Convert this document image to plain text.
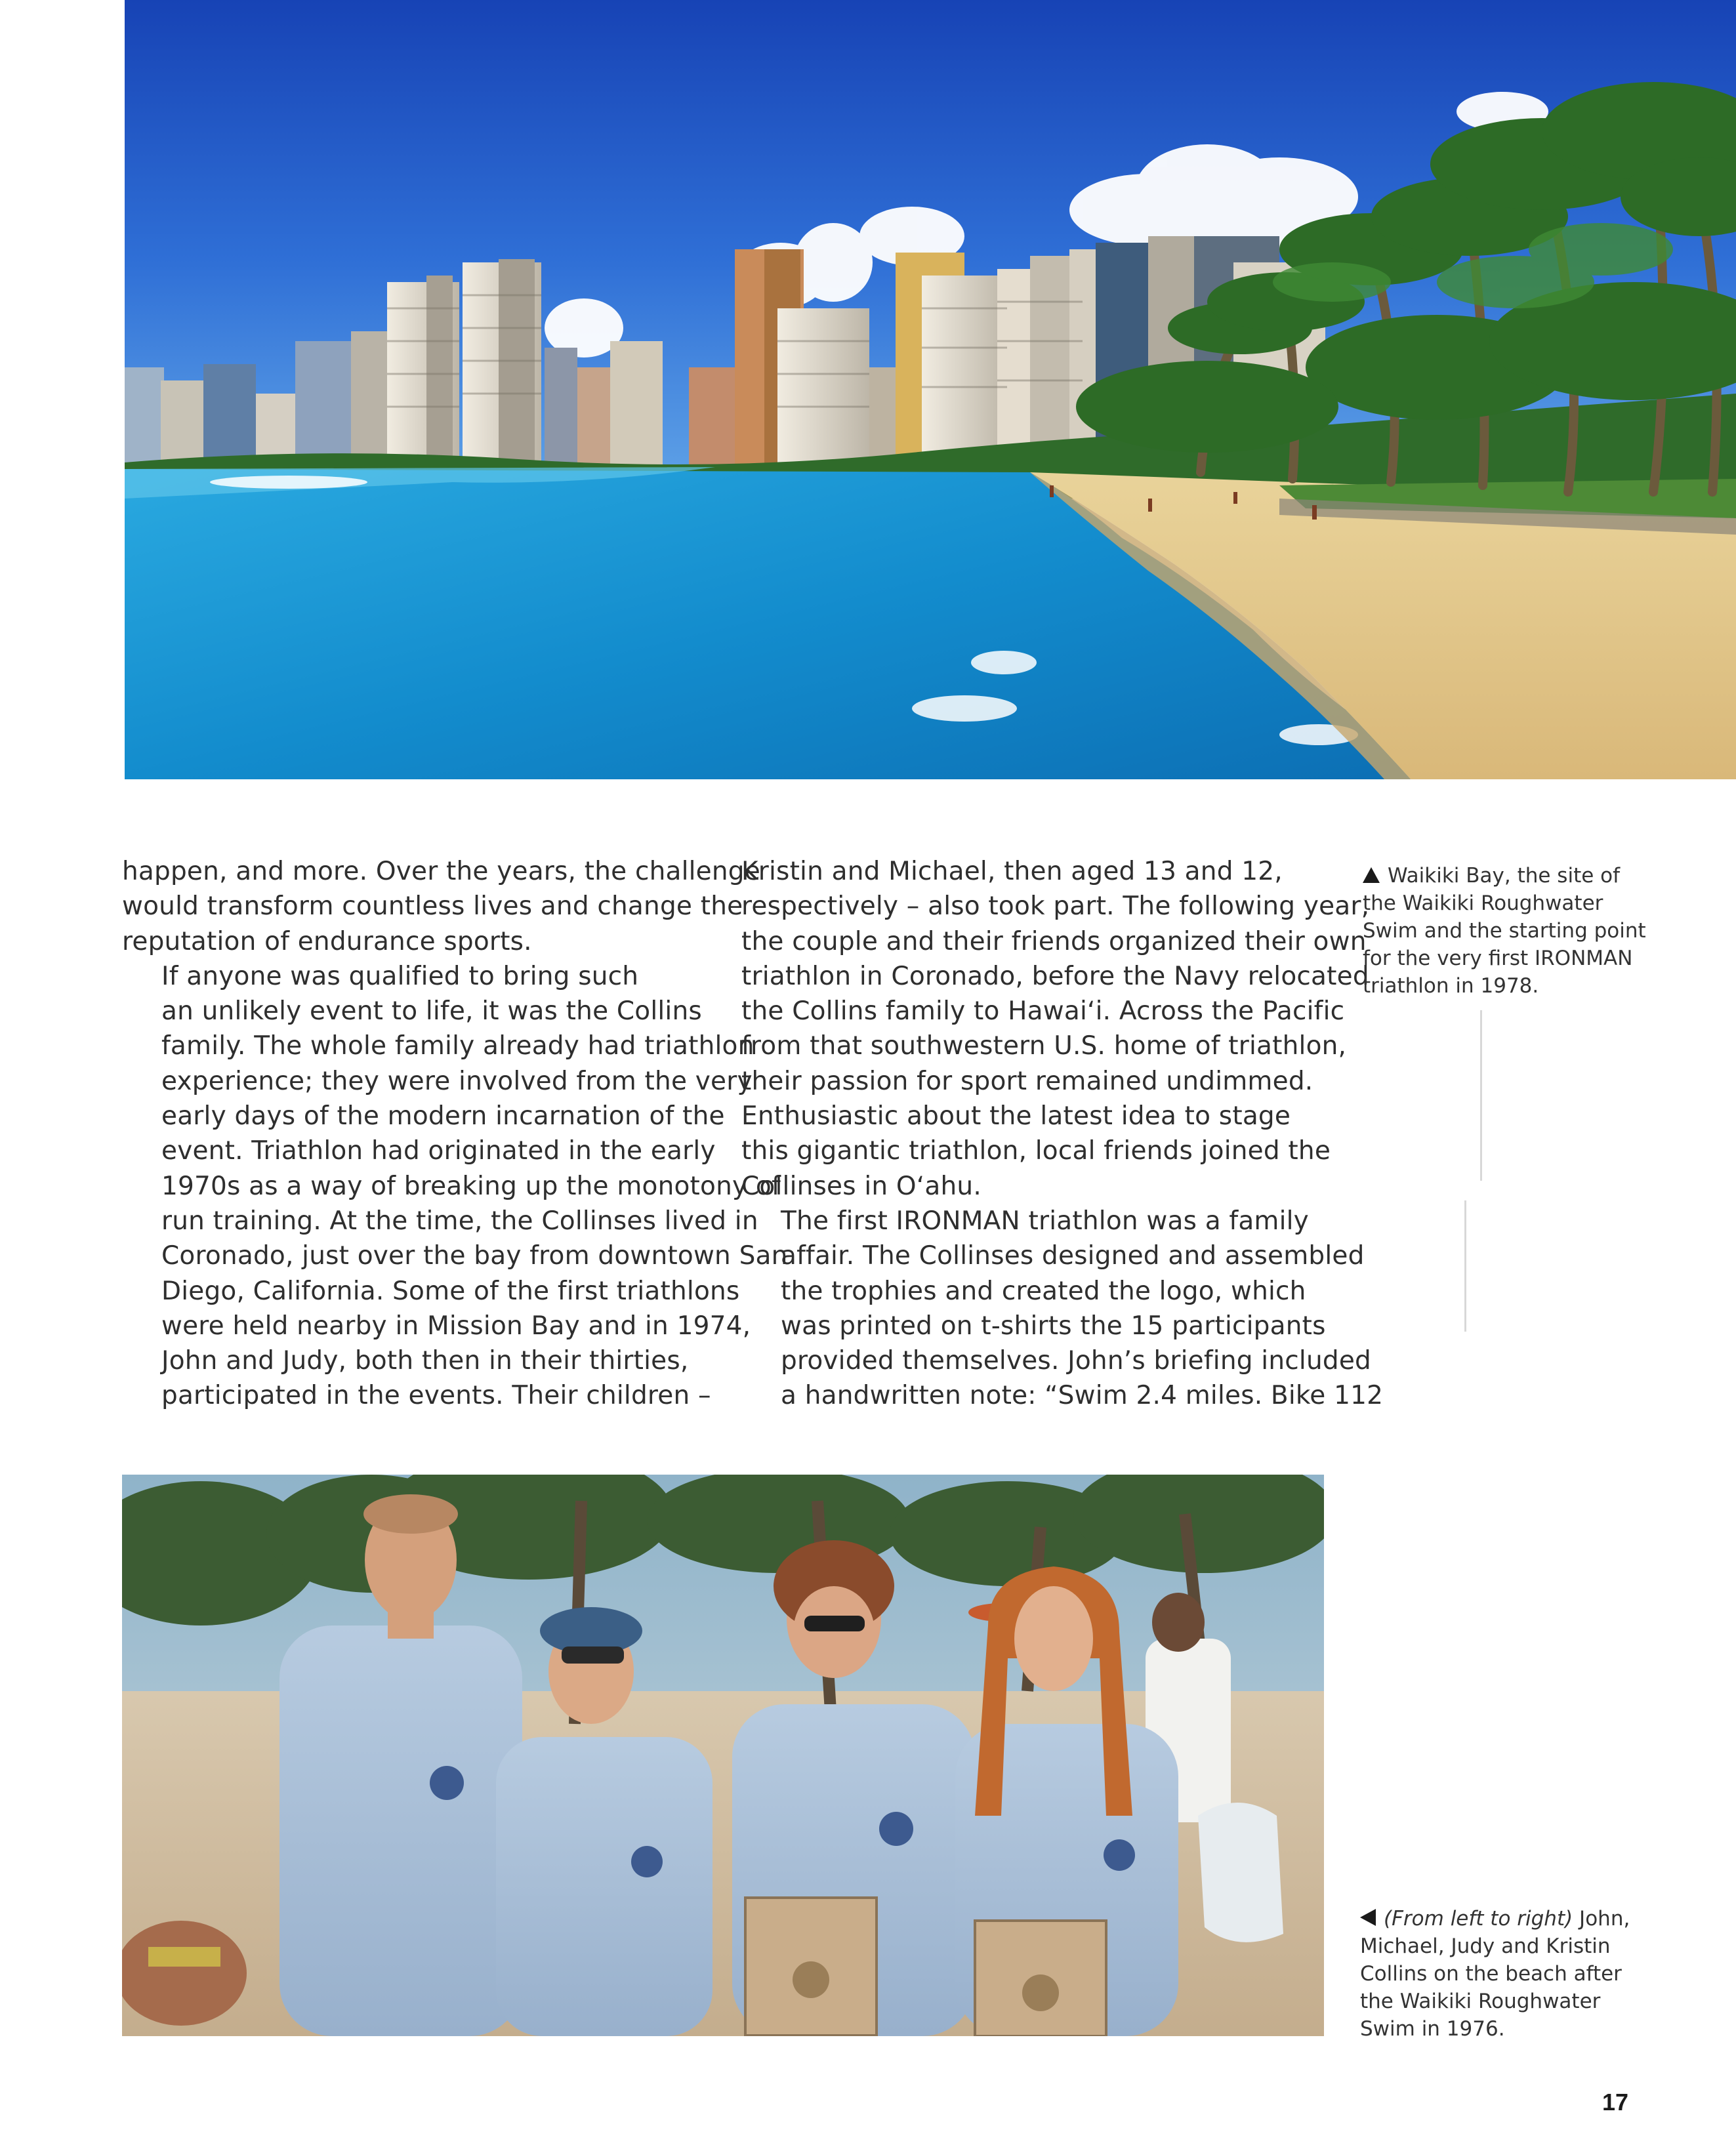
happen, and more. Over the years, the challenge
would transform countless lives and change the
reputation of endurance sports.

If anyone was qualified to bring such
an unlikely event to life, it was the Collins
family. The whole family already had triathlon
experience; they were involved from the very
early days of the modern incarnation of the
event. Triathlon had originated in the early
1970s as a way of breaking up the monotony of
run training. At the time, the Collinses lived in
Coronado, just over the bay from downtown San
Diego, California. Some of the first triathlons
were held nearby in Mission Bay and in 1974,
John and Judy, both then in their thirties,
participated in the events. Their children –

Kristin and Michael, then aged 13 and 12,
respectively – also took part. The following year,
the couple and their friends organized their own
triathlon in Coronado, before the Navy relocated
the Collins family to Hawai‘i. Across the Pacific
from that southwestern U.S. home of triathlon,
their passion for sport remained undimmed.
Enthusiastic about the latest idea to stage
this gigantic triathlon, local friends joined the
Collinses in O‘ahu.

The first IRONMAN triathlon was a family
affair. The Collinses designed and assembled
the trophies and created the logo, which
was printed on t-shirts the 15 participants
provided themselves. John’s briefing included
a handwritten note: “Swim 2.4 miles. Bike 112

Waikiki Bay, the site of
the Waikiki Roughwater
Swim and the starting point
for the very first IRONMAN
triathlon in 1978.
(From left to right) John,
Michael, Judy and Kristin
Collins on the beach after
the Waikiki Roughwater
Swim in 1976.
17
